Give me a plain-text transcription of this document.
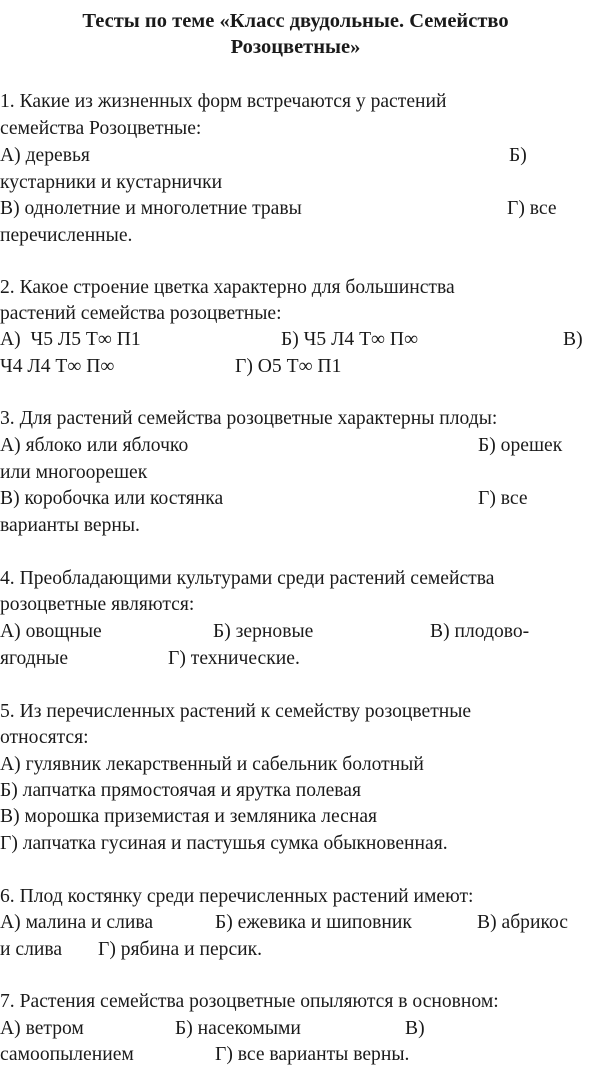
Тесты по теме «Класс двудольные. Семейство
Розоцветные»
1. Какие из жизненных форм встречаются у растений
семейства Розоцветные:
А) деревья	Б)
кустарники и кустарнички
В) однолетние и многолетние травы	Г) все
перечисленные.
2. Какое строение цветка характерно для большинства
растений семейства розоцветные:
А)  Ч5 Л5 Т∞ П1	Б) Ч5 Л4 Т∞ П∞	В)
Ч4 Л4 Т∞ П∞	Г) О5 Т∞ П1
3. Для растений семейства розоцветные характерны плоды:
А) яблоко или яблочко	Б) орешек
или многоорешек
В) коробочка или костянка	Г) все
варианты верны.
4. Преобладающими культурами среди растений семейства
розоцветные являются:
А) овощные	Б) зерновые	В) плодово-
ягодные	Г) технические.
5. Из перечисленных растений к семейству розоцветные
относятся:
А) гулявник лекарственный и сабельник болотный
Б) лапчатка прямостоячая и ярутка полевая
В) морошка приземистая и земляника лесная
Г) лапчатка гусиная и пастушья сумка обыкновенная.
6. Плод костянку среди перечисленных растений имеют:
А) малина и слива	Б) ежевика и шиповник	В) абрикос
и слива Г) рябина и персик.
7. Растения семейства розоцветные опыляются в основном:
А) ветром	Б) насекомыми	В)
самоопылением	Г) все варианты верны.
